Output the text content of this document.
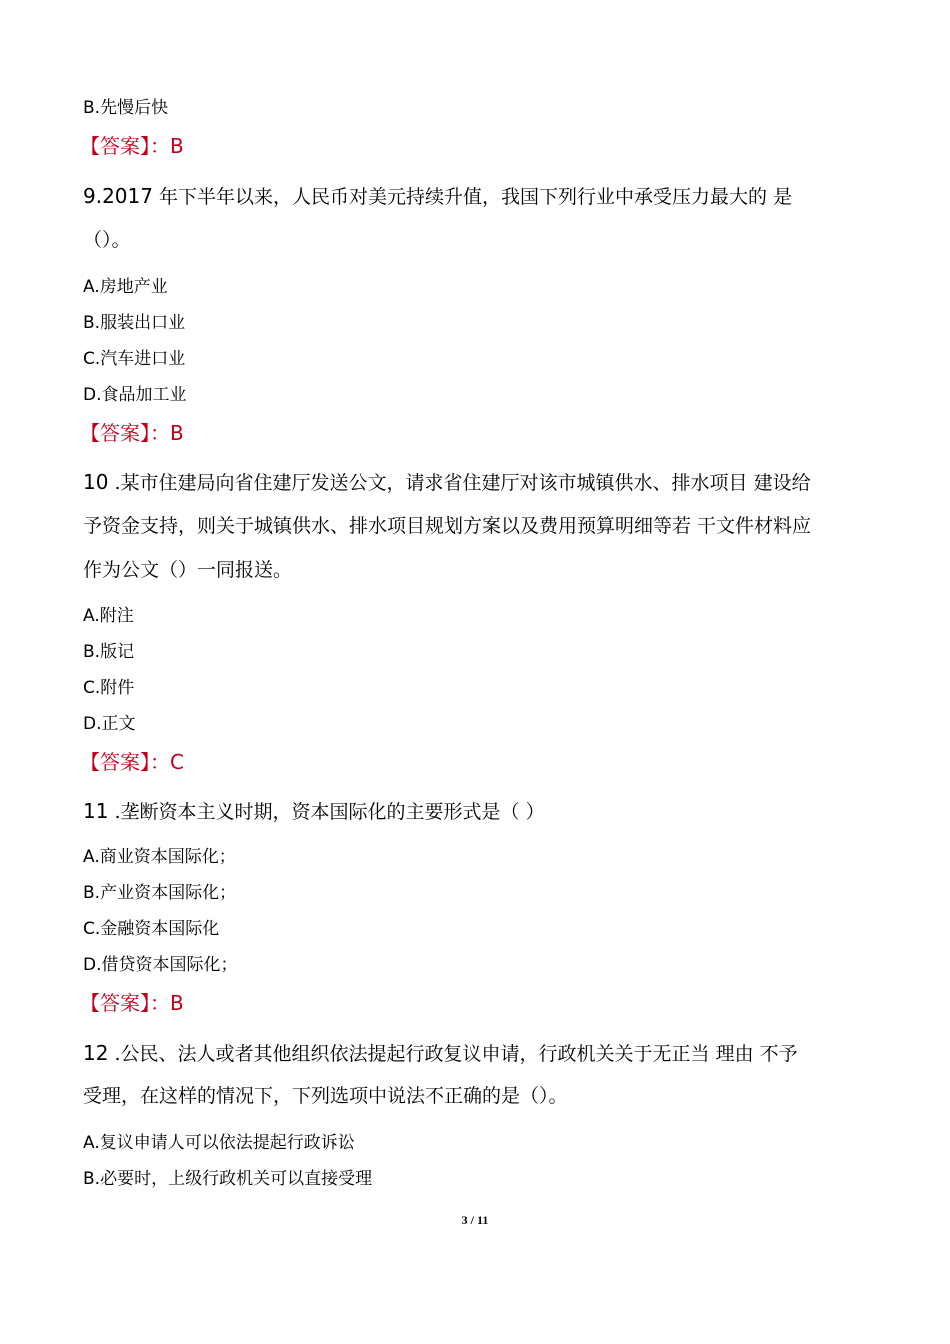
B.先慢后快
【答案】：B
9.2017 年下半年以来，人民币对美元持续升值，我国下列行业中承受压力最大的 是
（）。
A.房地产业
B.服装出口业
C.汽车进口业
D.食品加工业
【答案】：B
10 .某市住建局向省住建厅发送公文，请求省住建厅对该市城镇供水、排水项目 建设给
予资金支持，则关于城镇供水、排水项目规划方案以及费用预算明细等若 干文件材料应
作为公文（）一同报送。
A.附注
B.版记
C.附件
D.正文
【答案】：C
11 .垄断资本主义时期，资本国际化的主要形式是（ ）
A.商业资本国际化；
B.产业资本国际化；
C.金融资本国际化
D.借贷资本国际化；
【答案】：B
12 .公民、法人或者其他组织依法提起行政复议申请，行政机关关于无正当 理由 不予
受理，在这样的情况下，下列选项中说法不正确的是（）。
A.复议申请人可以依法提起行政诉讼
B.必要时，上级行政机关可以直接受理
3 / 11
